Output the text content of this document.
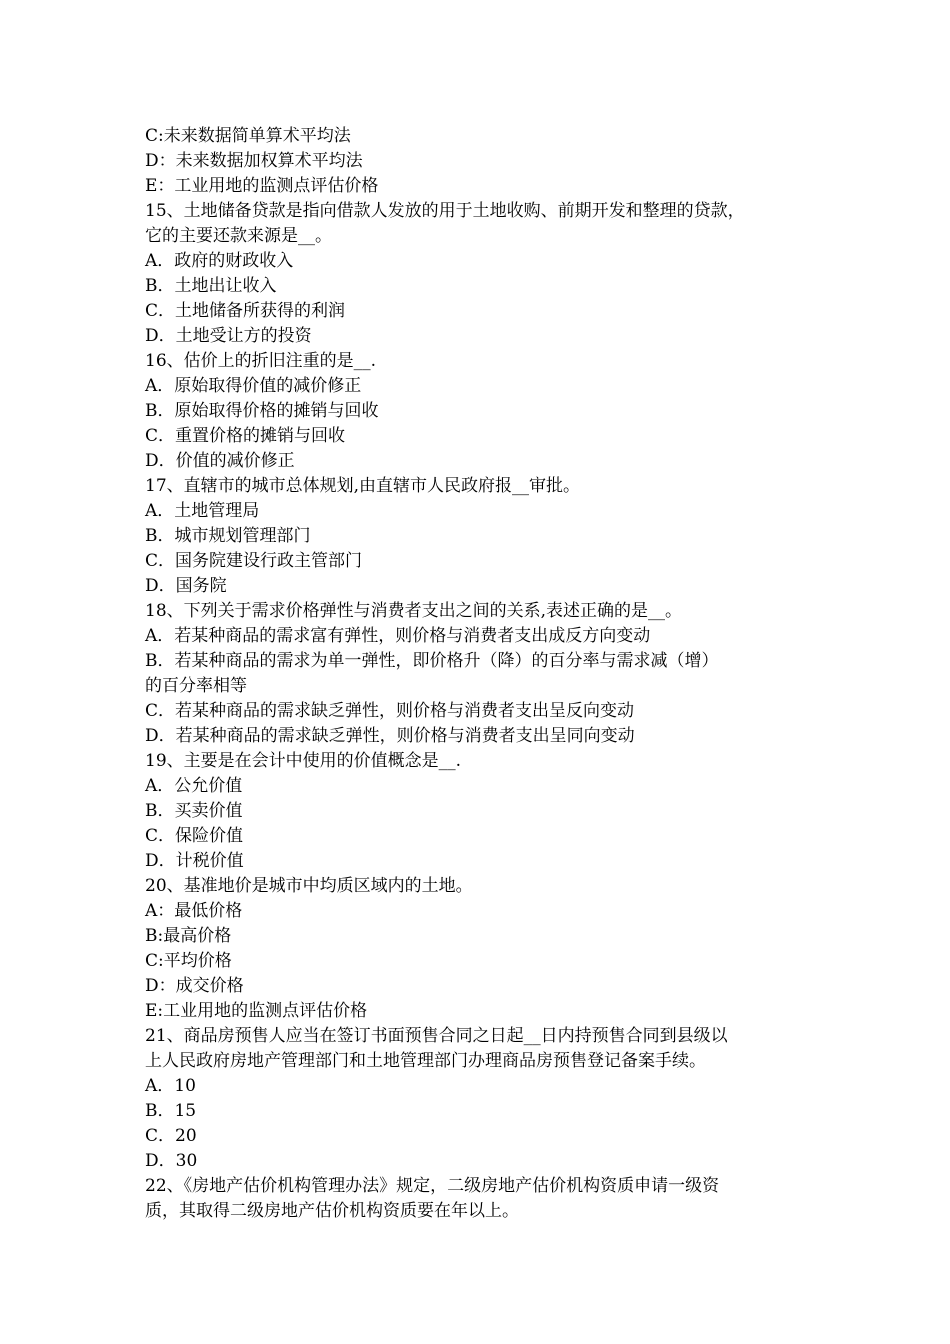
C:未来数据简单算术平均法
D：未来数据加权算术平均法
E：工业用地的监测点评估价格
15、土地储备贷款是指向借款人发放的用于土地收购、前期开发和整理的贷款，
它的主要还款来源是__。
A．政府的财政收入
B．土地出让收入
C．土地储备所获得的利润
D．土地受让方的投资
16、估价上的折旧注重的是__.
A．原始取得价值的减价修正
B．原始取得价格的摊销与回收
C．重置价格的摊销与回收
D．价值的减价修正
17、直辖市的城市总体规划,由直辖市人民政府报__审批。
A．土地管理局
B．城市规划管理部门
C．国务院建设行政主管部门
D．国务院
18、下列关于需求价格弹性与消费者支出之间的关系,表述正确的是__。
A．若某种商品的需求富有弹性，则价格与消费者支出成反方向变动
B．若某种商品的需求为单一弹性，即价格升（降）的百分率与需求减（增）
的百分率相等
C．若某种商品的需求缺乏弹性，则价格与消费者支出呈反向变动
D．若某种商品的需求缺乏弹性，则价格与消费者支出呈同向变动
19、主要是在会计中使用的价值概念是__.
A．公允价值
B．买卖价值
C．保险价值
D．计税价值
20、基准地价是城市中均质区域内的土地。
A：最低价格
B:最高价格
C:平均价格
D：成交价格
E:工业用地的监测点评估价格
21、商品房预售人应当在签订书面预售合同之日起__日内持预售合同到县级以
上人民政府房地产管理部门和土地管理部门办理商品房预售登记备案手续。
A．10
B．15
C．20
D．30
22、《房地产估价机构管理办法》规定，二级房地产估价机构资质申请一级资
质，其取得二级房地产估价机构资质要在年以上。
